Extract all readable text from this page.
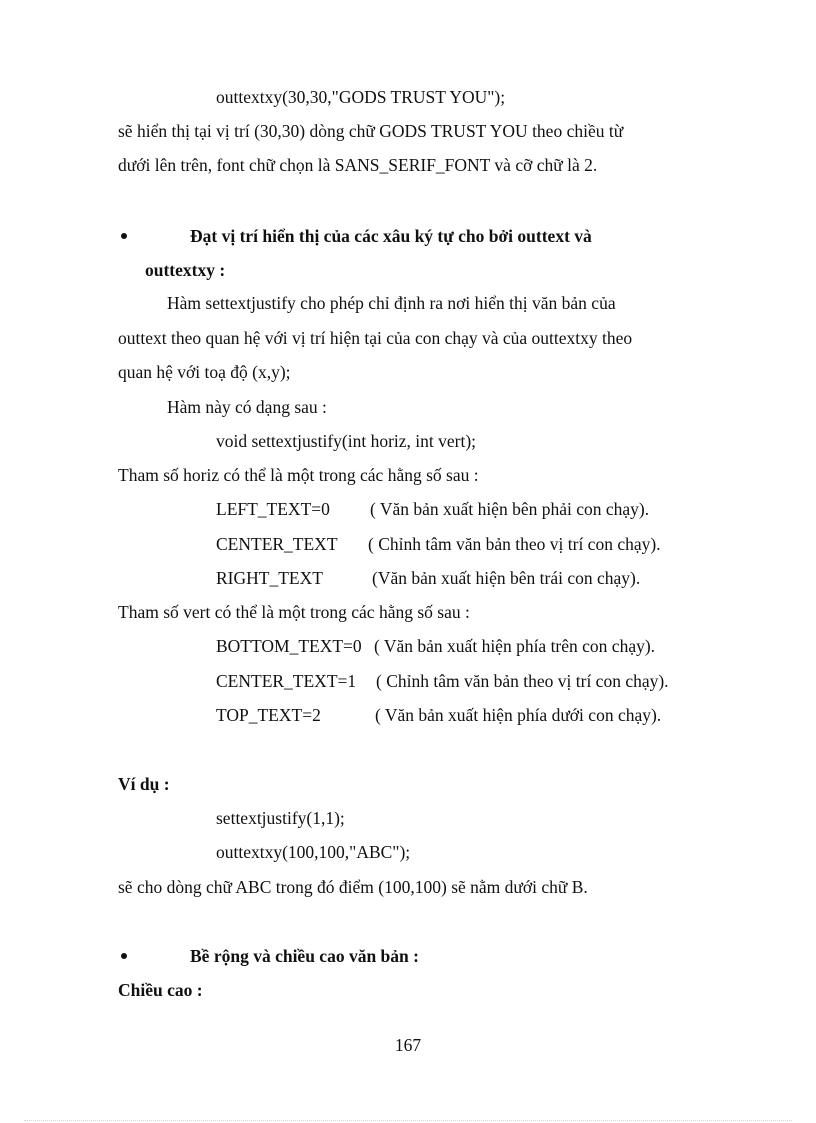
outtextxy(30,30,"GODS TRUST YOU");
sẽ hiển thị tại vị trí (30,30) dòng chữ GODS TRUST YOU theo chiều từ
dưới lên trên, font chữ chọn là SANS_SERIF_FONT và cỡ chữ là 2.
Đạt vị trí hiển thị của các xâu ký tự cho bởi outtext và
outtextxy :
Hàm settextjustify cho phép chỉ định ra nơi hiển thị văn bản của
outtext theo quan hệ với vị trí hiện tại của con chạy và của outtextxy theo
quan hệ với toạ độ (x,y);
Hàm này có dạng sau :
void settextjustify(int horiz, int vert);
Tham số horiz có thể là một trong các hằng số sau :
LEFT_TEXT=0 ( Văn bản xuất hiện bên phải con chạy).
CENTER_TEXT ( Chỉnh tâm văn bản theo vị trí con chạy).
RIGHT_TEXT	(Văn bản xuất hiện bên trái con chạy).
Tham số vert có thể là một trong các hằng số sau :
BOTTOM_TEXT=0 ( Văn bản xuất hiện phía trên con chạy).
CENTER_TEXT=1 ( Chỉnh tâm văn bản theo vị trí con chạy).
TOP_TEXT=2	( Văn bản xuất hiện phía dưới con chạy).
Ví dụ :
settextjustify(1,1);
outtextxy(100,100,"ABC");
sẽ cho dòng chữ ABC trong đó điểm (100,100) sẽ nằm dưới chữ B.
Bề rộng và chiều cao văn bản :
Chiều cao :
167
